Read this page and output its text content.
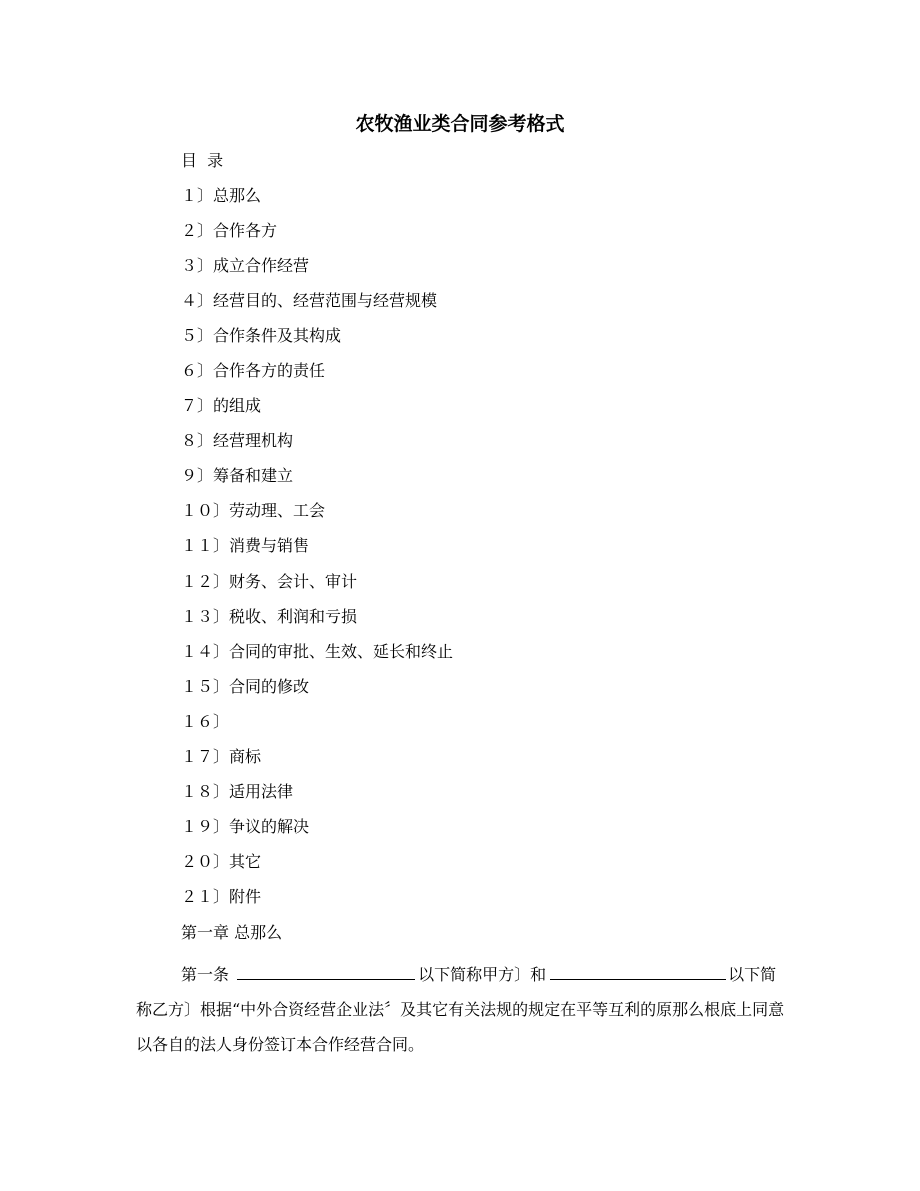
农牧渔业类合同参考格式
目  录
１〕总那么
２〕合作各方
３〕成立合作经营
４〕经营目的、经营范围与经营规模
５〕合作条件及其构成
６〕合作各方的责任
７〕的组成
８〕经营理机构
９〕筹备和建立
１０〕劳动理、工会
１１〕消费与销售
１２〕财务、会计、审计
１３〕税收、利润和亏损
１４〕合同的审批、生效、延长和终止
１５〕合同的修改
１６〕
１７〕商标
１８〕适用法律
１９〕争议的解决
２０〕其它
２１〕附件
第一章 总那么

第一条	以下简称甲方〕和	以下简称乙方〕根据“中外合资经营企业法〞及其它有关法规的规定在平等互利的原那么根底上同意以各自的法人身份签订本合作经营合同。
